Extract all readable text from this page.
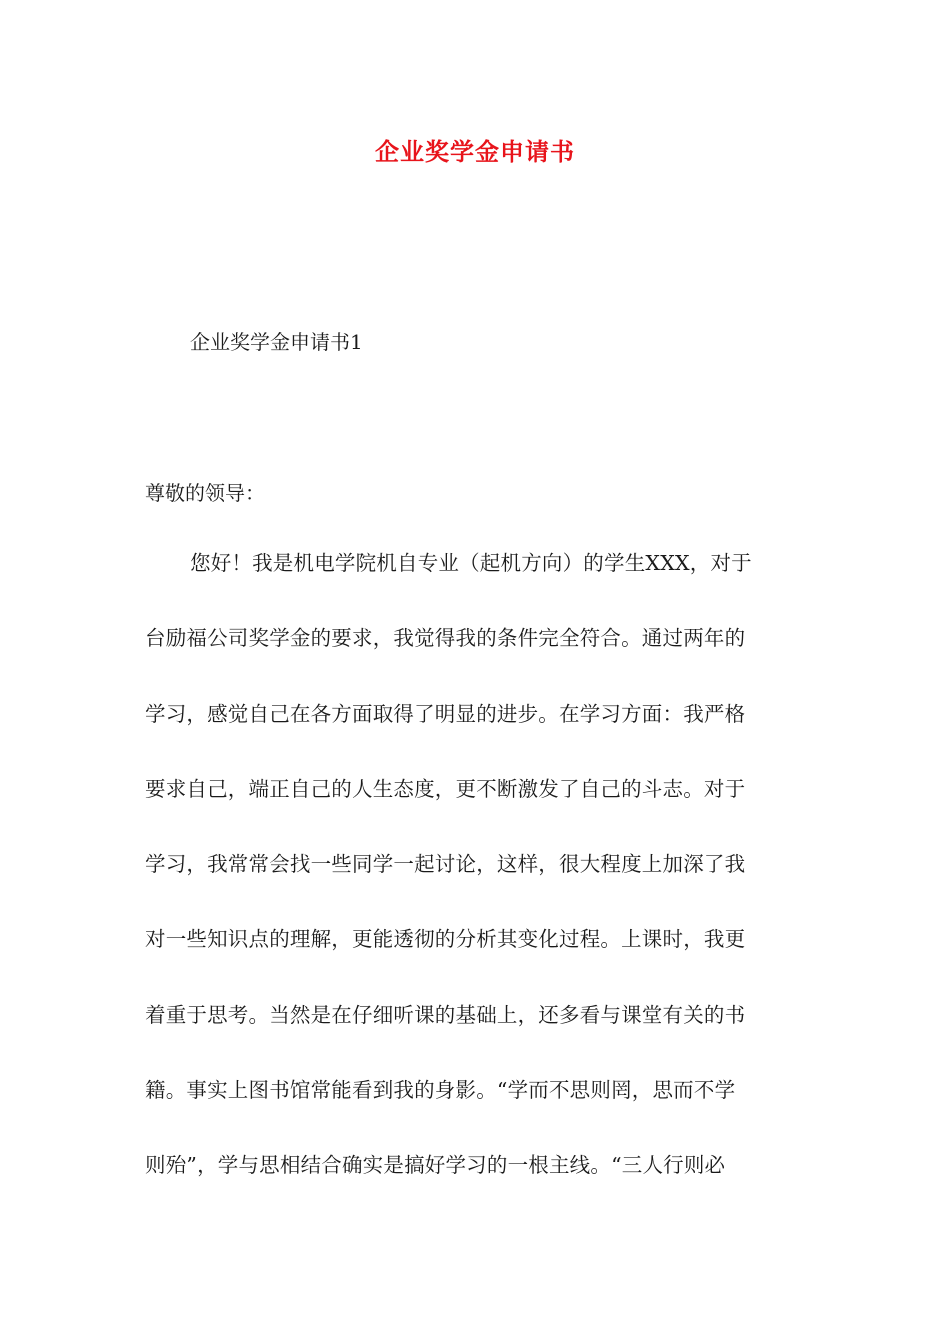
企业奖学金申请书
企业奖学金申请书1
尊敬的领导：
您好！我是机电学院机自专业（起机方向）的学生XXX，对于
台励福公司奖学金的要求，我觉得我的条件完全符合。通过两年的
学习，感觉自己在各方面取得了明显的进步。在学习方面：我严格
要求自己，端正自己的人生态度，更不断激发了自己的斗志。对于
学习，我常常会找一些同学一起讨论，这样，很大程度上加深了我
对一些知识点的理解，更能透彻的分析其变化过程。上课时，我更
着重于思考。当然是在仔细听课的基础上，还多看与课堂有关的书
籍。事实上图书馆常能看到我的身影。“学而不思则罔，思而不学
则殆”，学与思相结合确实是搞好学习的一根主线。“三人行则必
